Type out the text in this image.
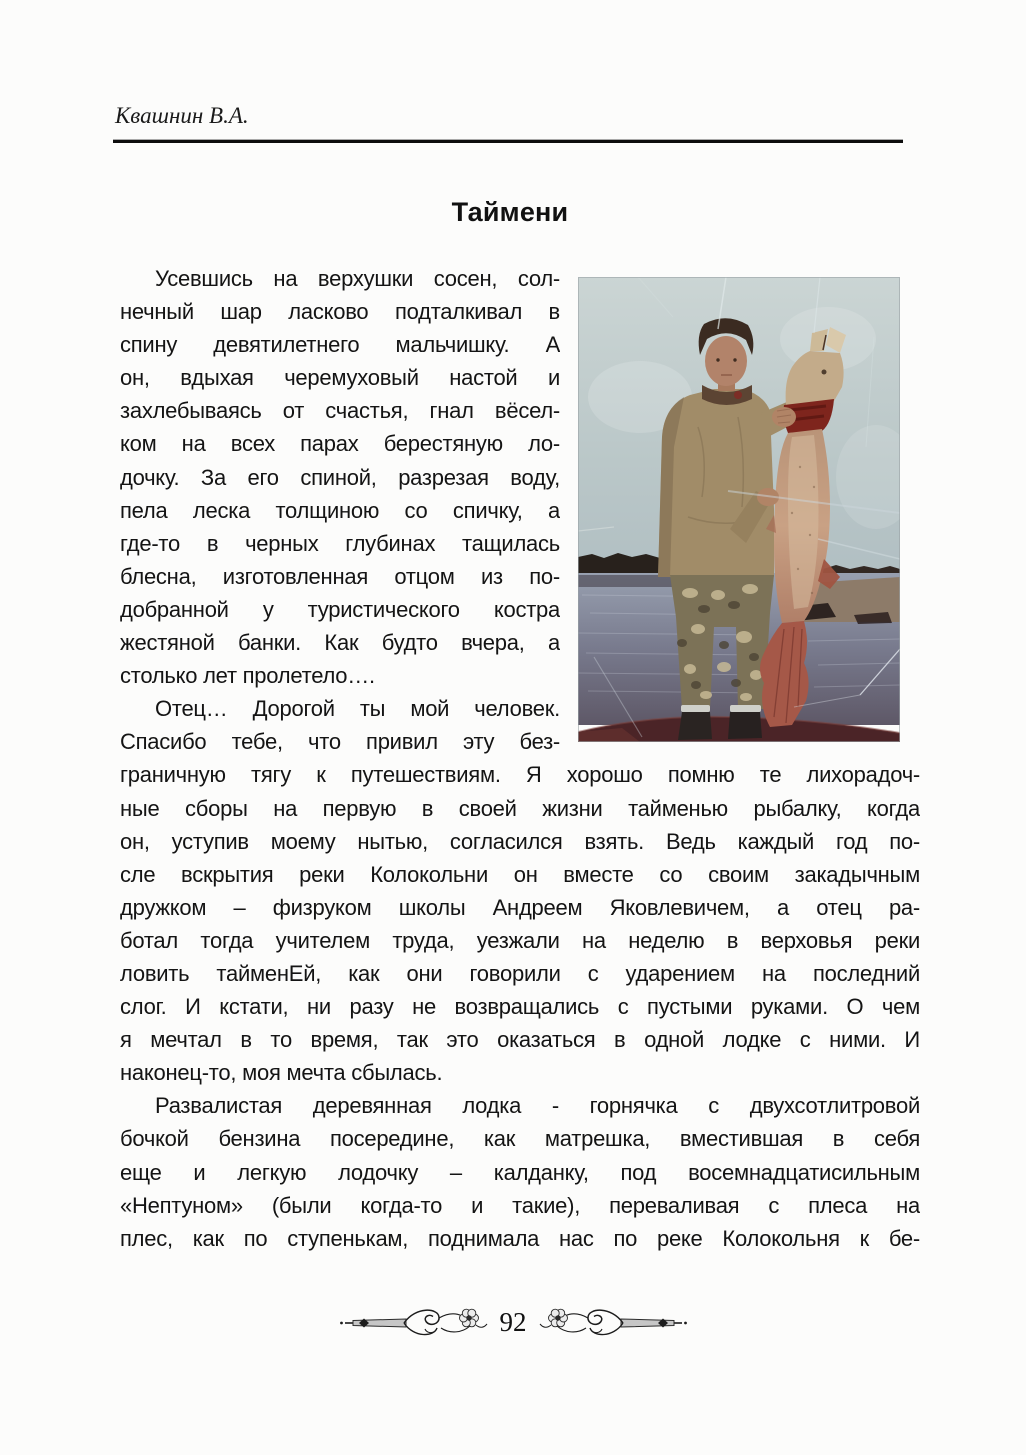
Квашнин В.А.
Таймени
Усевшись на верхушки сосен, сол-
нечный шар ласково подталкивал в
спину девятилетнего мальчишку. А
он, вдыхая черемуховый настой и
захлебываясь от счастья, гнал вёсел-
ком на всех парах берестяную ло-
дочку. За его спиной, разрезая воду,
пела леска толщиною со спичку, а
где-то в черных глубинах тащилась
блесна, изготовленная отцом из по-
добранной у туристического костра
жестяной банки. Как будто вчера, а
столько лет пролетело….
Отец… Дорогой ты мой человек.
Спасибо тебе, что привил эту без-
граничную тягу к путешествиям. Я хорошо помню те лихорадоч-
ные сборы на первую в своей жизни тайменью рыбалку, когда
он, уступив моему нытью, согласился взять. Ведь каждый год по-
сле вскрытия реки Колокольни он вместе со своим закадычным
дружком – физруком школы Андреем Яковлевичем, а отец ра-
ботал тогда учителем труда, уезжали на неделю в верховья реки
ловить тайменЕй, как они говорили с ударением на последний
слог. И кстати, ни разу не возвращались с пустыми руками. О чем
я мечтал в то время, так это оказаться в одной лодке с ними. И
наконец-то, моя мечта сбылась.
Развалистая деревянная лодка - горнячка с двухсотлитровой
бочкой бензина посередине, как матрешка, вместившая в себя
еще и легкую лодочку – калданку, под восемнадцатисильным
«Нептуном» (были когда-то и такие), переваливая с плеса на
плес, как по ступенькам, поднимала нас по реке Колокольня к бе-
92
